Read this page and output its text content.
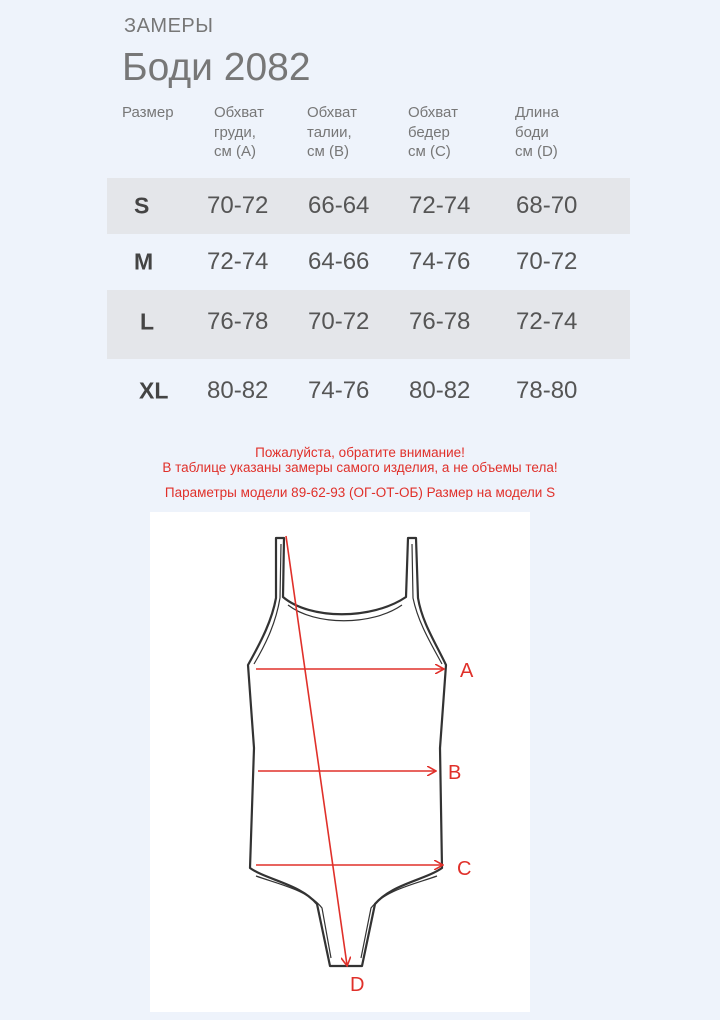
ЗАМЕРЫ
Боди 2082
Размер	Обхват
груди,
см (A)
Обхват
талии,
см (B)
Обхват
бедер
см (C)
Длина
боди
см (D)
S 70-72 66-64 72-74 68-70
M 72-74 64-66 74-76 70-72
L 76-78 70-72 76-78 72-74
XL 80-82 74-76 80-82 78-80
Пожалуйста, обратите внимание!
В таблице указаны замеры самого изделия, а не объемы тела!
Параметры модели 89-62-93 (ОГ-ОТ-ОБ) Размер на модели S
A
B
C
D
